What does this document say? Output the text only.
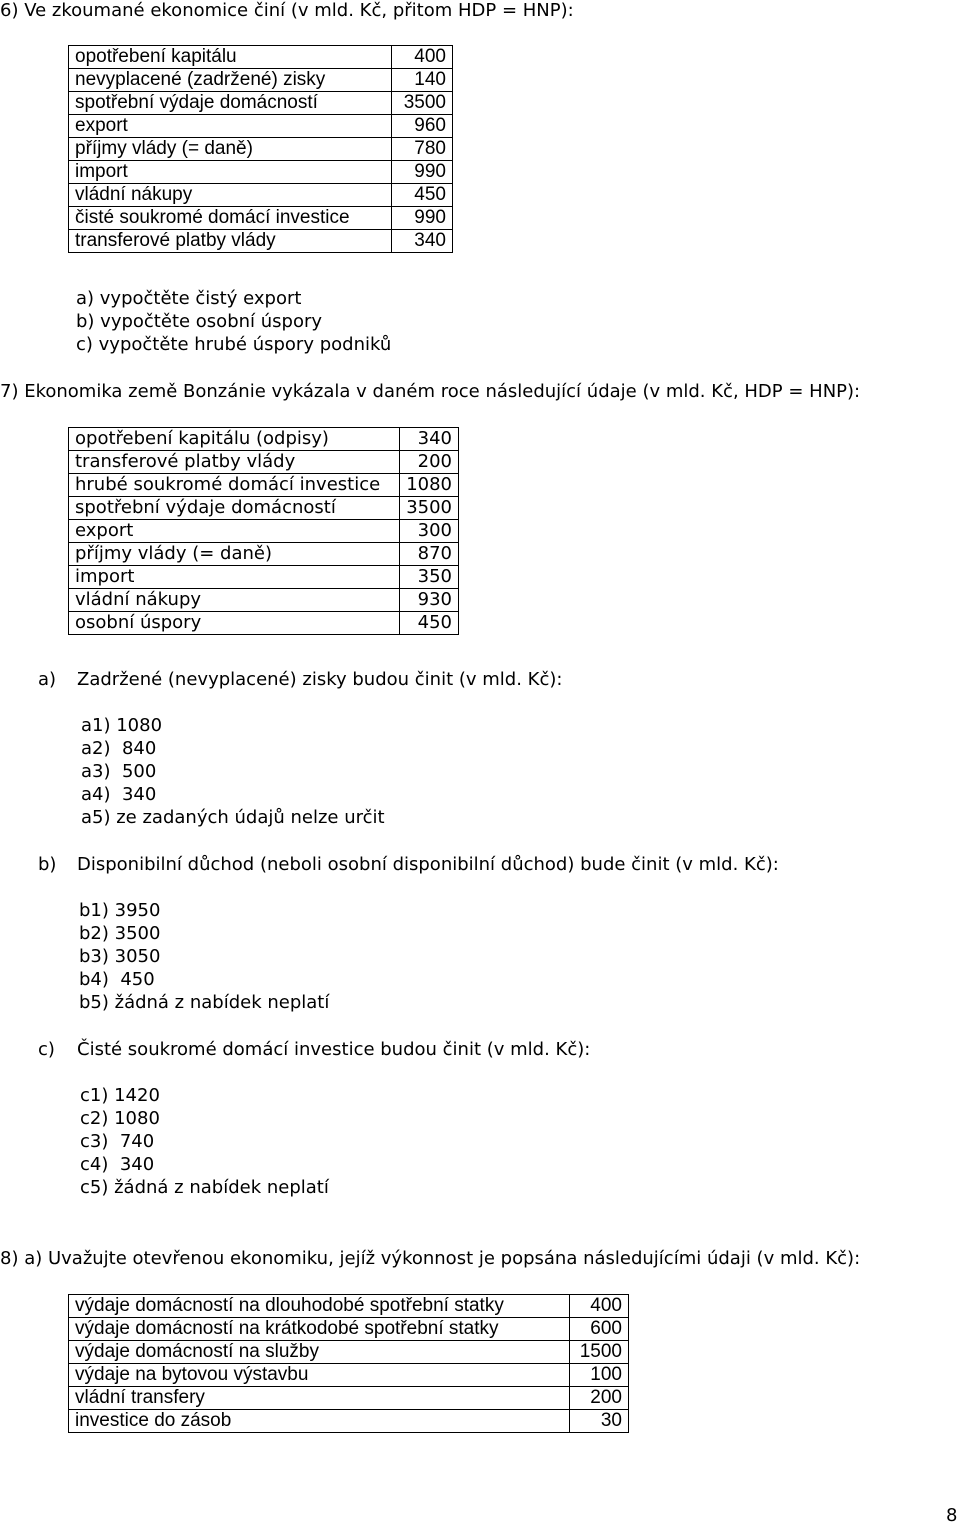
6) Ve zkoumané ekonomice činí (v mld. Kč, přitom HDP = HNP):
opotřebení kapitálu	400
nevyplacené (zadržené) zisky	140
spotřební výdaje domácností	3500
export	960
příjmy vlády (= daně)	780
import	990
vládní nákupy	450
čisté soukromé domácí investice	990
transferové platby vlády	340
a) vypočtěte čistý export
b) vypočtěte osobní úspory
c) vypočtěte hrubé úspory podniků
7) Ekonomika země Bonzánie vykázala v daném roce následující údaje (v mld. Kč, HDP = HNP):
opotřebení kapitálu (odpisy)	340
transferové platby vlády	200
hrubé soukromé domácí investice	1080
spotřební výdaje domácností	3500
export	300
příjmy vlády (= daně)	870
import	350
vládní nákupy	930
osobní úspory	450
a) Zadržené (nevyplacené) zisky budou činit (v mld. Kč):
a1) 1080
a2)  840
a3)  500
a4)  340
a5) ze zadaných údajů nelze určit
b) Disponibilní důchod (neboli osobní disponibilní důchod) bude činit (v mld. Kč):
b1) 3950
b2) 3500
b3) 3050
b4)  450
b5) žádná z nabídek neplatí
c) Čisté soukromé domácí investice budou činit (v mld. Kč):
c1) 1420
c2) 1080
c3)  740
c4)  340
c5) žádná z nabídek neplatí
8) a) Uvažujte otevřenou ekonomiku, jejíž výkonnost je popsána následujícími údaji (v mld. Kč):
výdaje domácností na dlouhodobé spotřební statky	400
výdaje domácností na krátkodobé spotřební statky	600
výdaje domácností na služby	1500
výdaje na bytovou výstavbu	100
vládní transfery	200
investice do zásob	30
8
